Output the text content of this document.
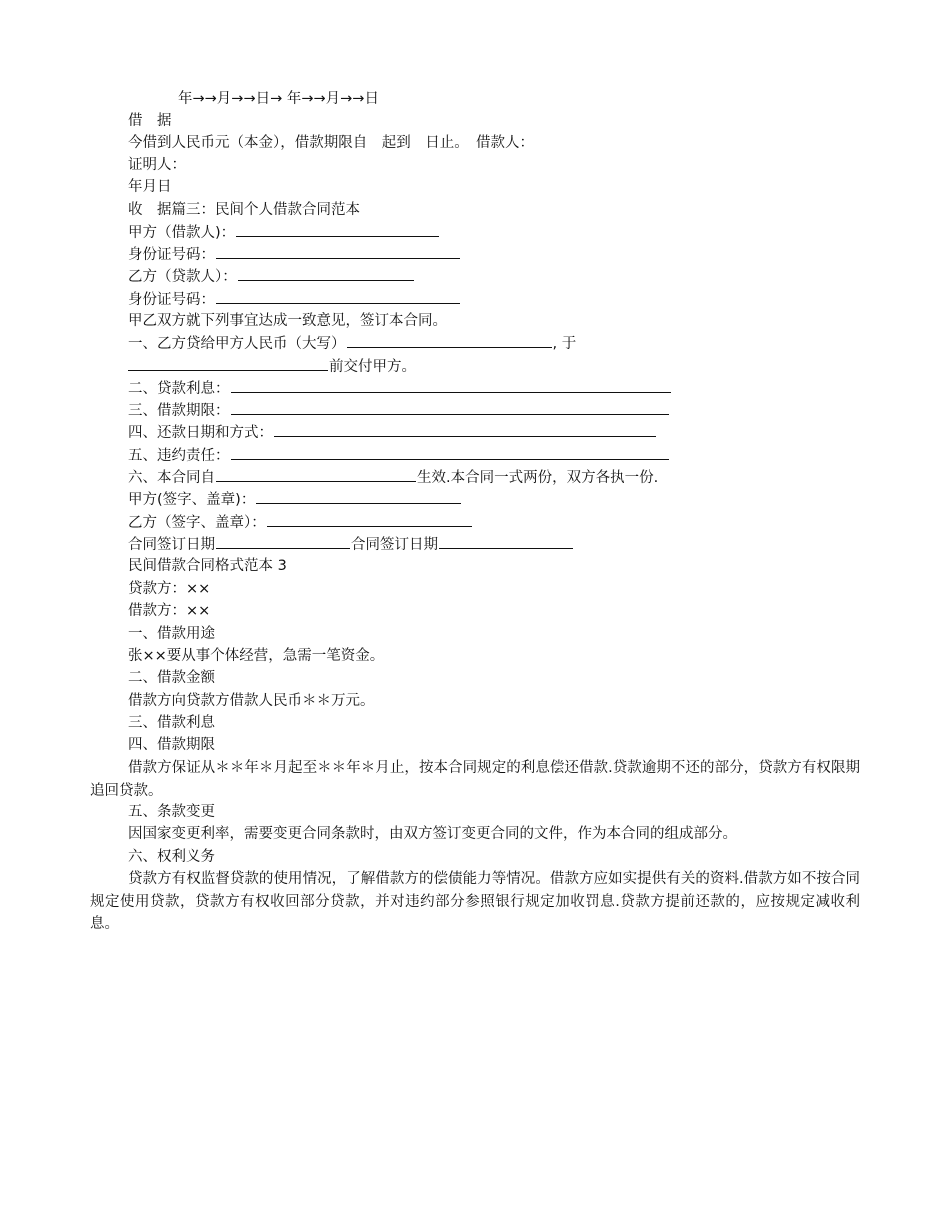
年→→月→→日→ 年→→月→→日
借　据
今借到人民币元（本金），借款期限自　起到　日止。　借款人：
证明人：
年月日
收　据篇三：民间个人借款合同范本
甲方（借款人)：
身份证号码：
乙方（贷款人）：
身份证号码：
甲乙双方就下列事宜达成一致意见，签订本合同。
一、乙方贷给甲方人民币（大写）	, 于
前交付甲方。
二、贷款利息：
三、借款期限：
四、还款日期和方式：
五、违约责任：
六、本合同自	生效.本合同一式两份，双方各执一份.
甲方(签字、盖章)：
乙方（签字、盖章）：
合同签订日期	合同签订日期
民间借款合同格式范本 3
贷款方：××
借款方：××
一、借款用途
张××要从事个体经营，急需一笔资金。
二、借款金额
借款方向贷款方借款人民币＊＊万元。
三、借款利息
四、借款期限
借款方保证从＊＊年＊月起至＊＊年＊月止，按本合同规定的利息偿还借款.贷款逾期不还的部分，贷款方有权限期追回贷款。
五、条款变更
因国家变更利率，需要变更合同条款时，由双方签订变更合同的文件，作为本合同的组成部分。
六、权利义务
贷款方有权监督贷款的使用情况，了解借款方的偿债能力等情况。借款方应如实提供有关的资料.借款方如不按合同规定使用贷款，贷款方有权收回部分贷款，并对违约部分参照银行规定加收罚息.贷款方提前还款的，应按规定减收利息。
